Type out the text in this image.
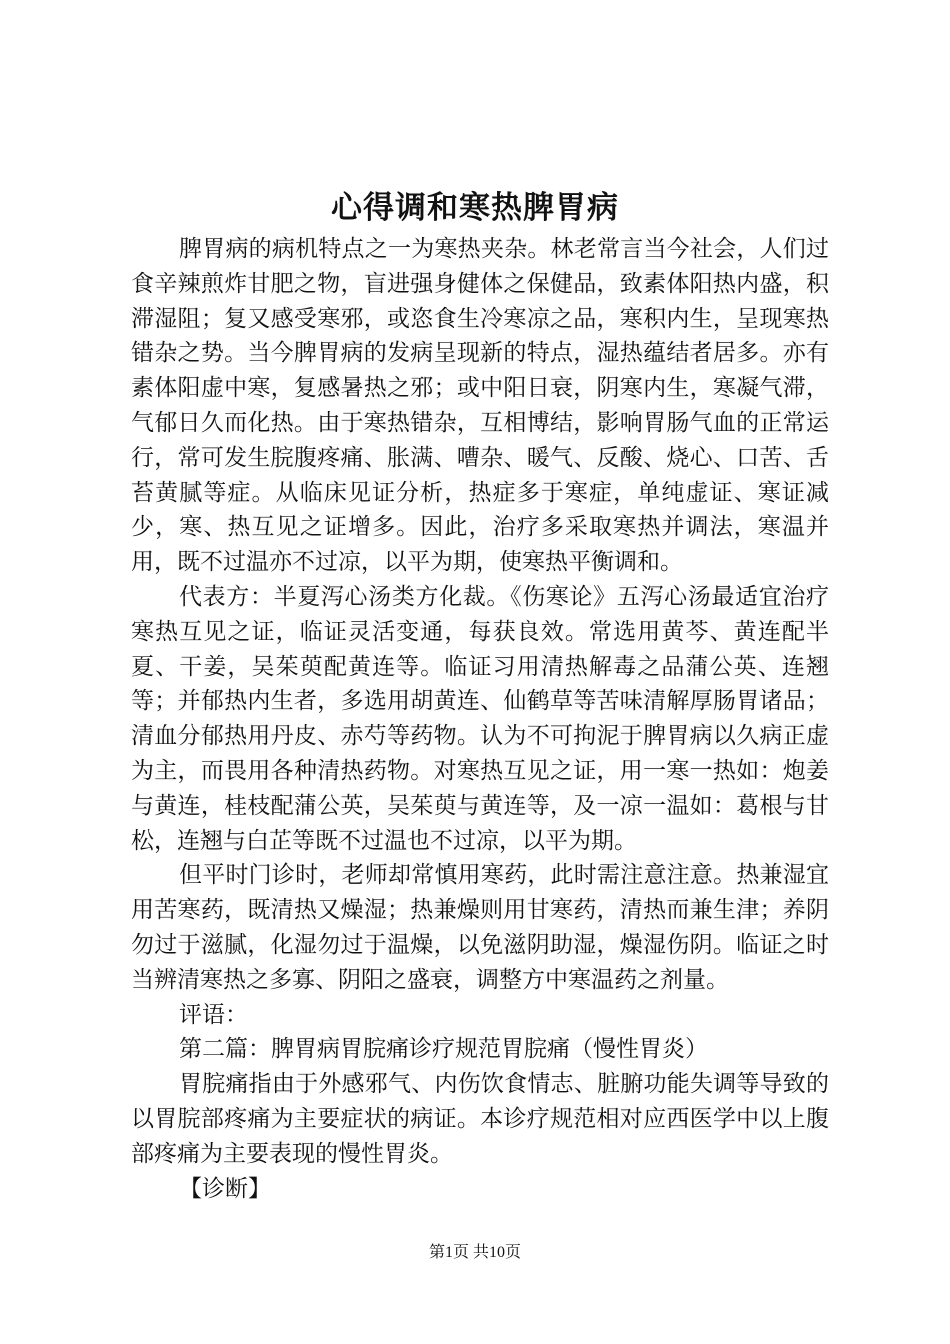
心得调和寒热脾胃病

脾胃病的病机特点之一为寒热夹杂。林老常言当今社会，人们过食辛辣煎炸甘肥之物，盲进强身健体之保健品，致素体阳热内盛，积滞湿阻；复又感受寒邪，或恣食生冷寒凉之品，寒积内生，呈现寒热错杂之势。当今脾胃病的发病呈现新的特点，湿热蕴结者居多。亦有素体阳虚中寒，复感暑热之邪；或中阳日衰，阴寒内生，寒凝气滞，气郁日久而化热。由于寒热错杂，互相博结，影响胃肠气血的正常运行，常可发生脘腹疼痛、胀满、嘈杂、暖气、反酸、烧心、口苦、舌苔黄腻等症。从临床见证分析，热症多于寒症，单纯虚证、寒证减少，寒、热互见之证增多。因此，治疗多采取寒热并调法，寒温并用，既不过温亦不过凉，以平为期，使寒热平衡调和。

代表方：半夏泻心汤类方化裁。《伤寒论》五泻心汤最适宜治疗寒热互见之证，临证灵活变通，每获良效。常选用黄芩、黄连配半夏、干姜，吴茱萸配黄连等。临证习用清热解毒之品蒲公英、连翘等；并郁热内生者，多选用胡黄连、仙鹤草等苦味清解厚肠胃诸品；清血分郁热用丹皮、赤芍等药物。认为不可拘泥于脾胃病以久病正虚为主，而畏用各种清热药物。对寒热互见之证，用一寒一热如：炮姜与黄连，桂枝配蒲公英，吴茱萸与黄连等，及一凉一温如：葛根与甘松，连翘与白芷等既不过温也不过凉，以平为期。

但平时门诊时，老师却常慎用寒药，此时需注意注意。热兼湿宜用苦寒药，既清热又燥湿；热兼燥则用甘寒药，清热而兼生津；养阴勿过于滋腻，化湿勿过于温燥，以免滋阴助湿，燥湿伤阴。临证之时当辨清寒热之多寡、阴阳之盛衰，调整方中寒温药之剂量。

评语：

第二篇：脾胃病胃脘痛诊疗规范胃脘痛（慢性胃炎）

胃脘痛指由于外感邪气、内伤饮食情志、脏腑功能失调等导致的以胃脘部疼痛为主要症状的病证。本诊疗规范相对应西医学中以上腹部疼痛为主要表现的慢性胃炎。

【诊断】

第1页 共10页
